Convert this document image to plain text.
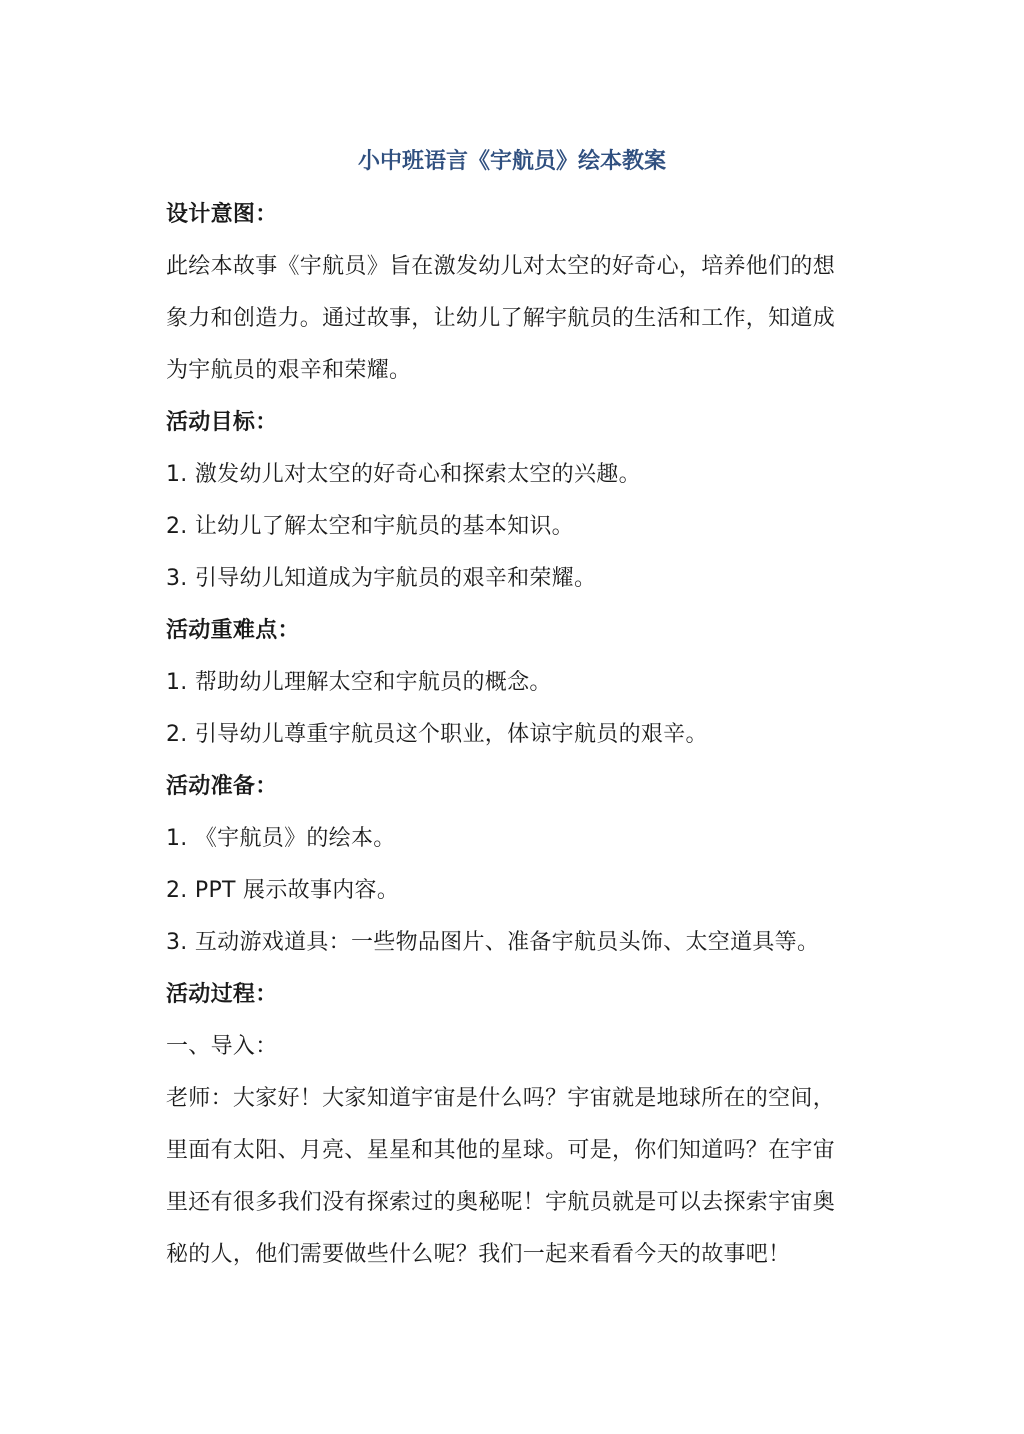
小中班语言《宇航员》绘本教案

设计意图：

此绘本故事《宇航员》旨在激发幼儿对太空的好奇心，培养他们的想

象力和创造力。通过故事，让幼儿了解宇航员的生活和工作，知道成

为宇航员的艰辛和荣耀。

活动目标：

1. 激发幼儿对太空的好奇心和探索太空的兴趣。

2. 让幼儿了解太空和宇航员的基本知识。

3. 引导幼儿知道成为宇航员的艰辛和荣耀。

活动重难点：

1. 帮助幼儿理解太空和宇航员的概念。

2. 引导幼儿尊重宇航员这个职业，体谅宇航员的艰辛。

活动准备：

1. 《宇航员》的绘本。

2. PPT 展示故事内容。

3. 互动游戏道具：一些物品图片、准备宇航员头饰、太空道具等。

活动过程：

一、导入：

老师：大家好！大家知道宇宙是什么吗？宇宙就是地球所在的空间，

里面有太阳、月亮、星星和其他的星球。可是，你们知道吗？在宇宙

里还有很多我们没有探索过的奥秘呢！宇航员就是可以去探索宇宙奥

秘的人，他们需要做些什么呢？我们一起来看看今天的故事吧！
